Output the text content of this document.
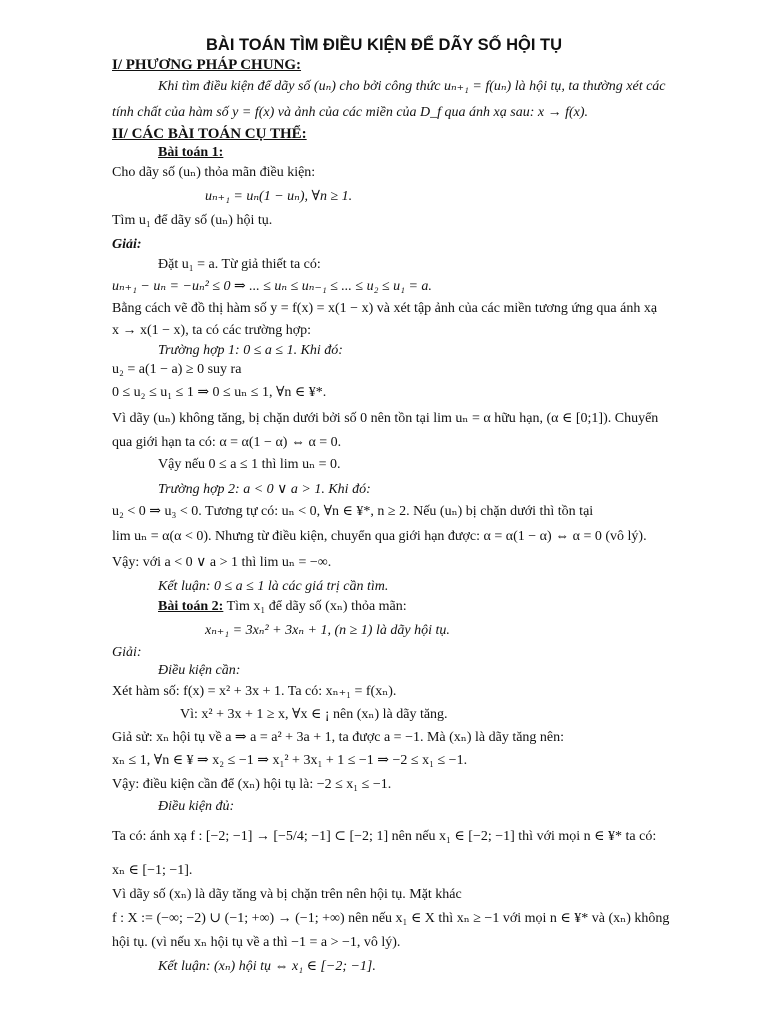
BÀI TOÁN TÌM ĐIỀU KIỆN ĐỂ DÃY SỐ HỘI TỤ
I/ PHƯƠNG PHÁP CHUNG:
Khi tìm điều kiện để dãy số (uₙ) cho bởi công thức uₙ₊₁ = f(uₙ) là hội tụ, ta thường xét các
tính chất của hàm số y = f(x) và ảnh của các miền của D_f qua ánh xạ sau: x → f(x).
II/ CÁC BÀI TOÁN CỤ THỂ:
Bài toán 1:
Cho dãy số (uₙ) thỏa mãn điều kiện:
uₙ₊₁ = uₙ(1 − uₙ), ∀n ≥ 1.
Tìm u₁ để dãy số (uₙ) hội tụ.
Giải:
Đặt u₁ = a. Từ giả thiết ta có:
uₙ₊₁ − uₙ = −uₙ² ≤ 0 ⇒ ... ≤ uₙ ≤ uₙ₋₁ ≤ ... ≤ u₂ ≤ u₁ = a.
Bằng cách vẽ đồ thị hàm số y = f(x) = x(1 − x) và xét tập ảnh của các miền tương ứng qua ánh xạ
x → x(1 − x), ta có các trường hợp:
Trường hợp 1: 0 ≤ a ≤ 1. Khi đó:
u₂ = a(1 − a) ≥ 0 suy ra
0 ≤ u₂ ≤ u₁ ≤ 1 ⇒ 0 ≤ uₙ ≤ 1, ∀n ∈ ¥*.
Vì dãy (uₙ) không tăng, bị chặn dưới bởi số 0 nên tồn tại lim uₙ = α hữu hạn, (α ∈ [0;1]). Chuyển
qua giới hạn ta có: α = α(1 − α) ⇔ α = 0.
Vậy nếu 0 ≤ a ≤ 1 thì lim uₙ = 0.
Trường hợp 2: a < 0 ∨ a > 1. Khi đó:
u₂ < 0 ⇒ u₃ < 0. Tương tự có: uₙ < 0, ∀n ∈ ¥*, n ≥ 2. Nếu (uₙ) bị chặn dưới thì tồn tại
lim uₙ = α(α < 0). Nhưng từ điều kiện, chuyển qua giới hạn được: α = α(1 − α) ⇔ α = 0 (vô lý).
Vậy: với a < 0 ∨ a > 1 thì lim uₙ = −∞.
Kết luận: 0 ≤ a ≤ 1 là các giá trị cần tìm.
Bài toán 2: Tìm x₁ để dãy số (xₙ) thỏa mãn:
xₙ₊₁ = 3xₙ² + 3xₙ + 1, (n ≥ 1) là dãy hội tụ.
Giải:
Điều kiện cần:
Xét hàm số: f(x) = x² + 3x + 1. Ta có: xₙ₊₁ = f(xₙ).
Vì: x² + 3x + 1 ≥ x, ∀x ∈ ¡ nên (xₙ) là dãy tăng.
Giả sử: xₙ hội tụ về a ⇒ a = a² + 3a + 1, ta được a = −1. Mà (xₙ) là dãy tăng nên:
xₙ ≤ 1, ∀n ∈ ¥ ⇒ x₂ ≤ −1 ⇒ x₁² + 3x₁ + 1 ≤ −1 ⇒ −2 ≤ x₁ ≤ −1.
Vậy: điều kiện cần để (xₙ) hội tụ là: −2 ≤ x₁ ≤ −1.
Điều kiện đủ:
Ta có: ánh xạ f : [−2; −1] → [−5/4; −1] ⊂ [−2; 1] nên nếu x₁ ∈ [−2; −1] thì với mọi n ∈ ¥* ta có:
xₙ ∈ [−1; −1].
Vì dãy số (xₙ) là dãy tăng và bị chặn trên nên hội tụ. Mặt khác
f : X := (−∞; −2) ∪ (−1; +∞) → (−1; +∞) nên nếu x₁ ∈ X thì xₙ ≥ −1 với mọi n ∈ ¥* và (xₙ) không
hội tụ. (vì nếu xₙ hội tụ về a thì −1 = a > −1, vô lý).
Kết luận: (xₙ) hội tụ ⇔ x₁ ∈ [−2; −1].
